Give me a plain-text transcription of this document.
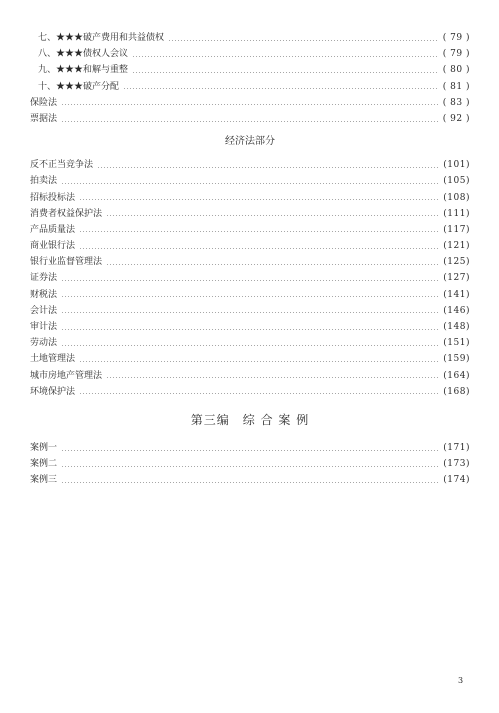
七、★★★破产费用和共益债权	( 79 )
八、★★★债权人会议	( 79 )
九、★★★和解与重整	( 80 )
十、★★★破产分配	( 81 )
保险法	( 83 )
票据法	( 92 )
经济法部分
反不正当竞争法	(101)
拍卖法	(105)
招标投标法	(108)
消费者权益保护法	(111)
产品质量法	(117)
商业银行法	(121)
银行业监督管理法	(125)
证券法	(127)
财税法	(141)
会计法	(146)
审计法	(148)
劳动法	(151)
土地管理法	(159)
城市房地产管理法	(164)
环境保护法	(168)
第三编　综 合 案 例
案例一	(171)
案例二	(173)
案例三	(174)
3
